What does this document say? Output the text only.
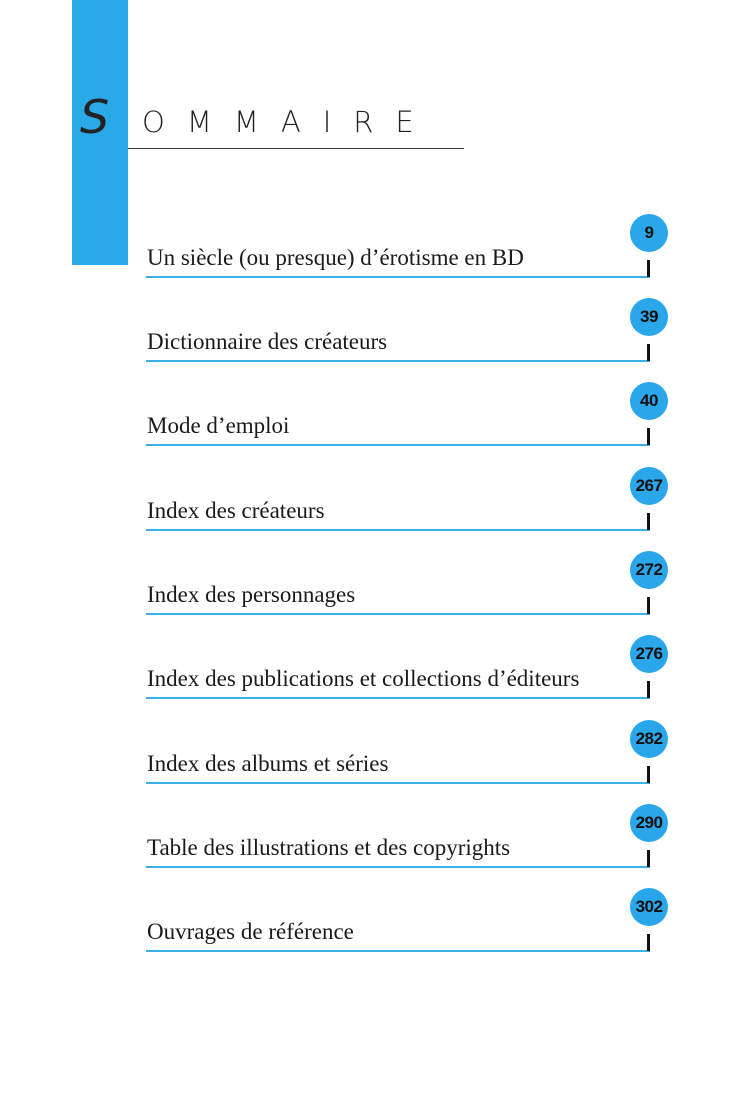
S OMMAIRE
Un siècle (ou presque) d’érotisme en BD
9
Dictionnaire des créateurs
39
Mode d’emploi
40
Index des créateurs
267
Index des personnages
272
Index des publications et collections d’éditeurs
276
Index des albums et séries
282
Table des illustrations et des copyrights
290
Ouvrages de référence
302
